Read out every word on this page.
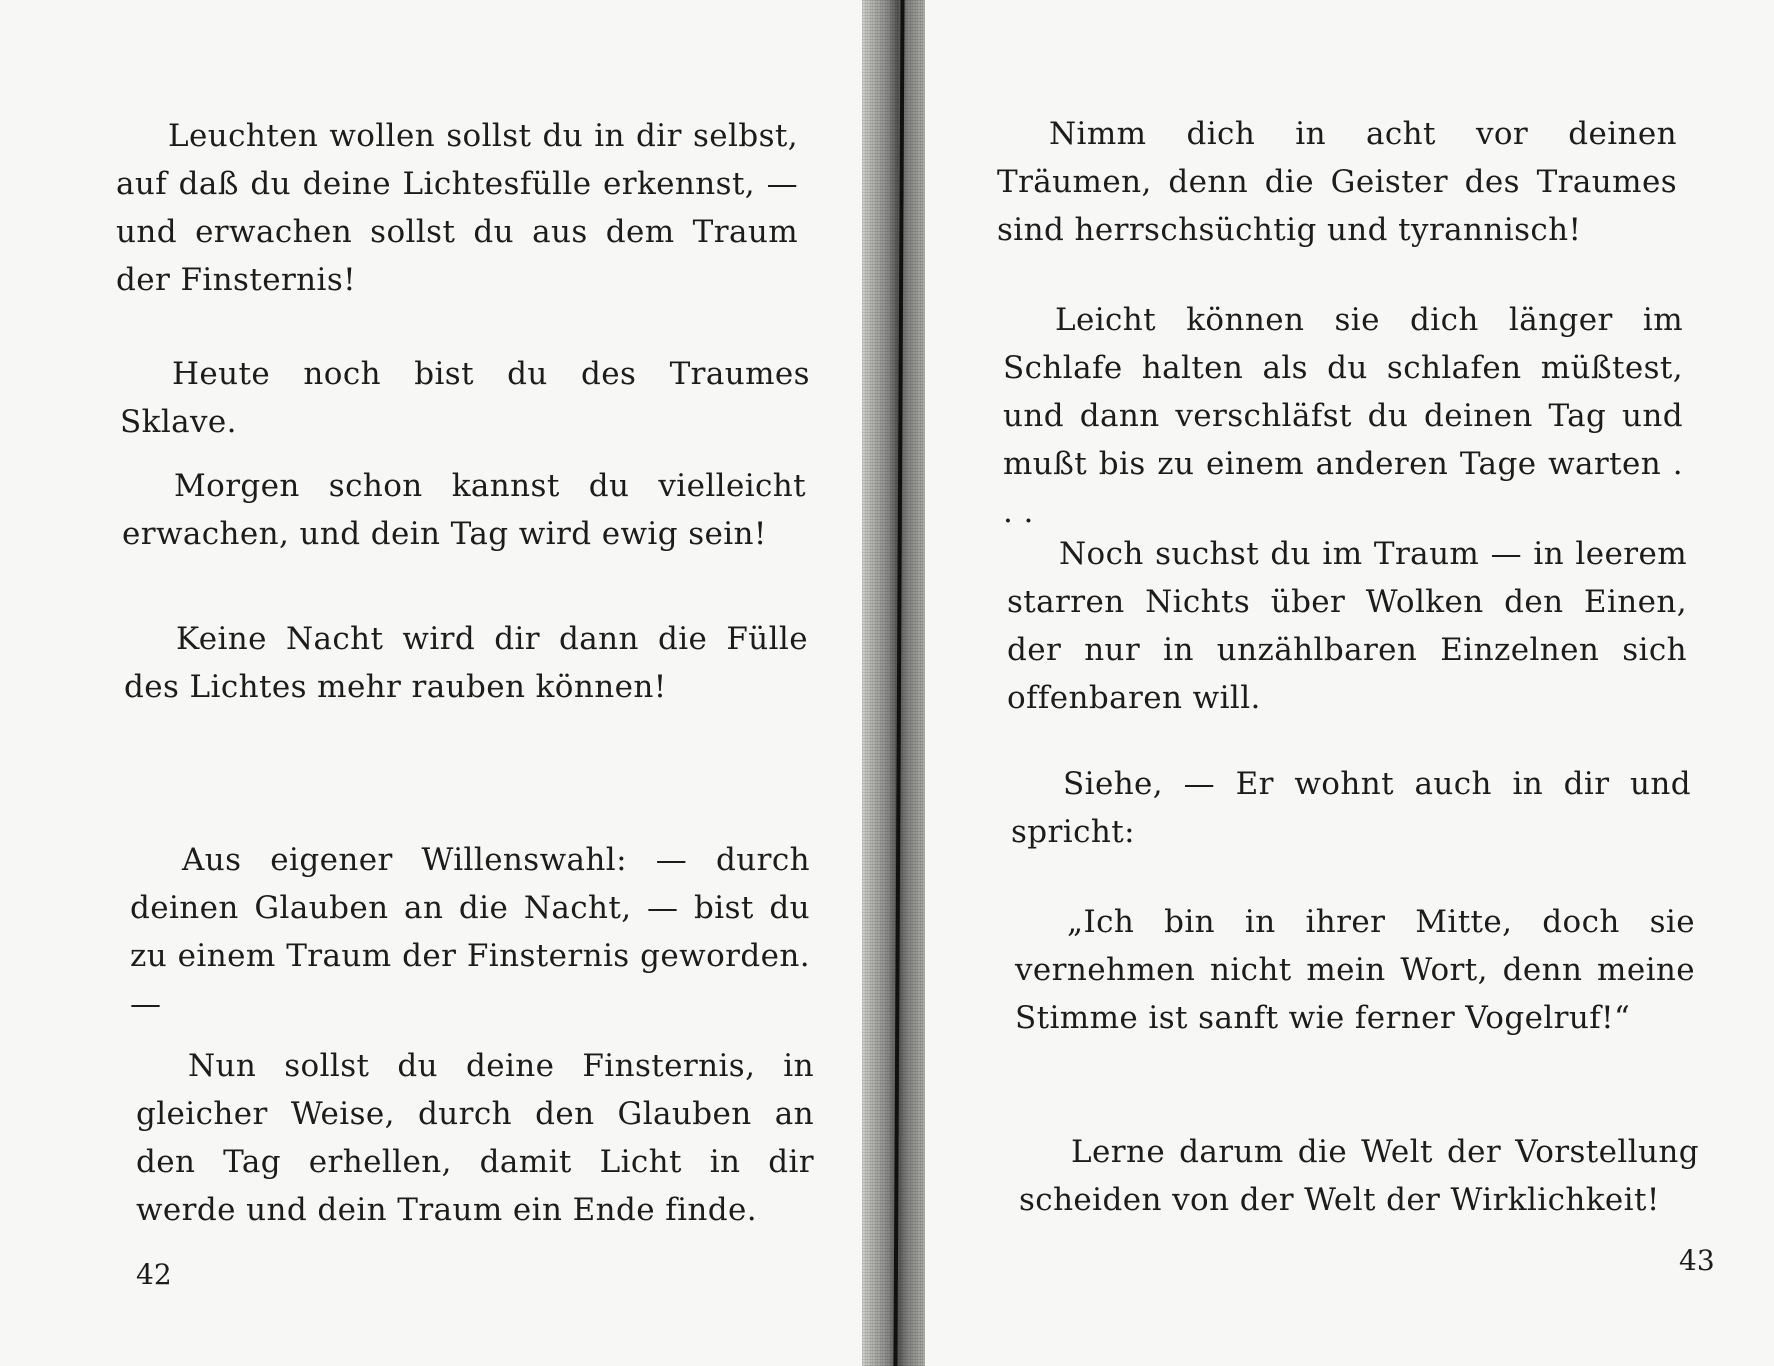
Leuchten wollen sollst du in dir selbst, auf daß du deine Lichtesfülle erkennst, — und erwachen sollst du aus dem Traum der Finsternis!

Heute noch bist du des Traumes Sklave.

Morgen schon kannst du vielleicht erwachen, und dein Tag wird ewig sein!

Keine Nacht wird dir dann die Fülle des Lichtes mehr rauben können!

Aus eigener Willenswahl: — durch deinen Glauben an die Nacht, — bist du zu einem Traum der Finsternis geworden. —

Nun sollst du deine Finsternis, in gleicher Weise, durch den Glauben an den Tag erhellen, damit Licht in dir werde und dein Traum ein Ende finde.

42

Nimm dich in acht vor deinen Träumen, denn die Geister des Traumes sind herrschsüchtig und tyrannisch!

Leicht können sie dich länger im Schlafe halten als du schlafen müßtest, und dann verschläfst du deinen Tag und mußt bis zu einem anderen Tage warten . . .

Noch suchst du im Traum — in leerem starren Nichts über Wolken den Einen, der nur in unzählbaren Einzelnen sich offenbaren will.

Siehe, — Er wohnt auch in dir und spricht:

„Ich bin in ihrer Mitte, doch sie vernehmen nicht mein Wort, denn meine Stimme ist sanft wie ferner Vogelruf!“

Lerne darum die Welt der Vorstellung scheiden von der Welt der Wirklichkeit!

43
